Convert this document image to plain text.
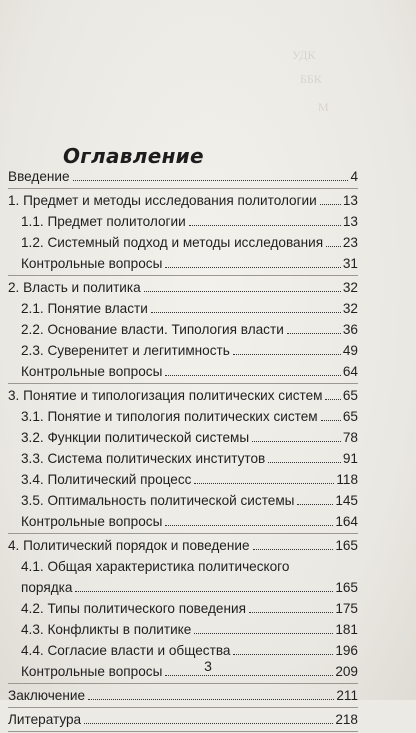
УДК
ББК
М
Оглавление
Введение	4
1. Предмет и методы исследования политологии 13
1.1. Предмет политологии	13
1.2. Системный подход и методы исследования 23
Контрольные вопросы	31
2. Власть и политика	32
2.1. Понятие власти	32
2.2. Основание власти. Типология власти	36
2.3. Суверенитет и легитимность	49
Контрольные вопросы	64
3. Понятие и типологизация политических систем 65
3.1. Понятие и типология политических систем 65
3.2. Функции политической системы	78
3.3. Система политических институтов	91
3.4. Политический процесс	118
3.5. Оптимальность политической системы	145
Контрольные вопросы	164
4. Политический порядок и поведение	165
4.1. Общая характеристика политического
порядка	165
4.2. Типы политического поведения	175
4.3. Конфликты в политике	181
4.4. Согласие власти и общества	196
Контрольные вопросы	209
Заключение	211
Литература	218
3
